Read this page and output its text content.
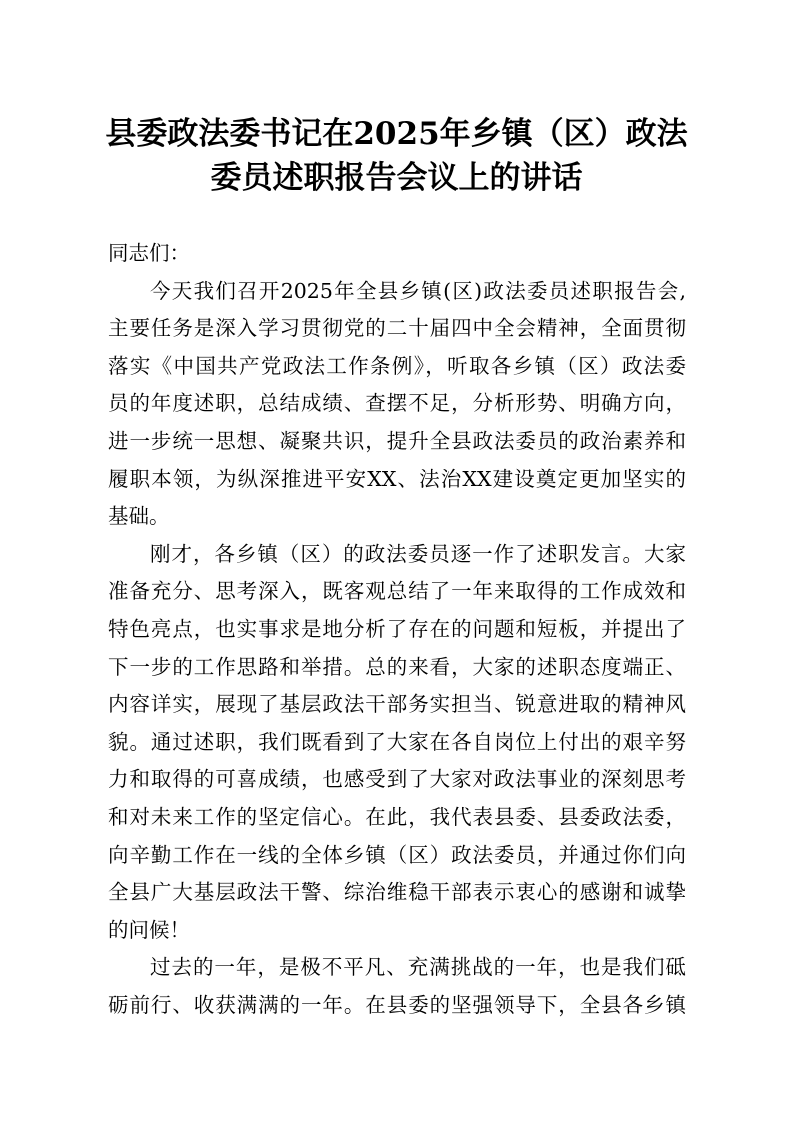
县委政法委书记在2025年乡镇（区）政法
委员述职报告会议上的讲话
同志们：
今天我们召开2025年全县乡镇(区)政法委员述职报告会,
主要任务是深入学习贯彻党的二十届四中全会精神，全面贯彻
落实《中国共产党政法工作条例》，听取各乡镇（区）政法委
员的年度述职，总结成绩、查摆不足，分析形势、明确方向，
进一步统一思想、凝聚共识，提升全县政法委员的政治素养和
履职本领，为纵深推进平安XX、法治XX建设奠定更加坚实的
基础。
刚才，各乡镇（区）的政法委员逐一作了述职发言。大家
准备充分、思考深入，既客观总结了一年来取得的工作成效和
特色亮点，也实事求是地分析了存在的问题和短板，并提出了
下一步的工作思路和举措。总的来看，大家的述职态度端正、
内容详实，展现了基层政法干部务实担当、锐意进取的精神风
貌。通过述职，我们既看到了大家在各自岗位上付出的艰辛努
力和取得的可喜成绩，也感受到了大家对政法事业的深刻思考
和对未来工作的坚定信心。在此，我代表县委、县委政法委，
向辛勤工作在一线的全体乡镇（区）政法委员，并通过你们向
全县广大基层政法干警、综治维稳干部表示衷心的感谢和诚挚
的问候！
过去的一年，是极不平凡、充满挑战的一年，也是我们砥
砺前行、收获满满的一年。在县委的坚强领导下，全县各乡镇
